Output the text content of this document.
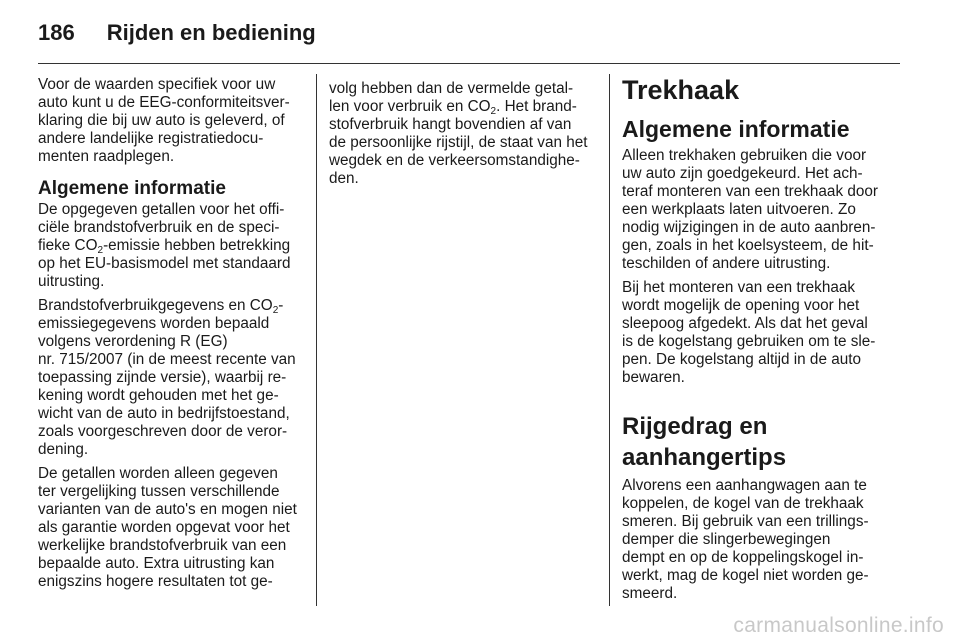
186 Rijden en bediening

Voor de waarden specifiek voor uw
auto kunt u de EEG-conformiteitsver-
klaring die bij uw auto is geleverd, of
andere landelijke registratiedocu-
menten raadplegen.

Algemene informatie

De opgegeven getallen voor het offi-
ciële brandstofverbruik en de speci-
fieke $CO_2$-emissie hebben betrekking
op het EU-basismodel met standaard
uitrusting.

Brandstofverbruikgegevens en $CO_2-$
emissiegegevens worden bepaald
volgens verordening R (EG)
nr. 715/2007 (in de meest recente van
toepassing zijnde versie), waarbij re-
kening wordt gehouden met het ge-
wicht van de auto in bedrijfstoestand,
zoals voorgeschreven door de veror-
dening.

De getallen worden alleen gegeven
ter vergelijking tussen verschillende
varianten van de auto's en mogen niet
als garantie worden opgevat voor het
werkelijke brandstofverbruik van een
bepaalde auto. Extra uitrusting kan
enigszins hogere resultaten tot ge-

volg hebben dan de vermelde getal-
len voor verbruik en $CO_2$. Het brand-
stofverbruik hangt bovendien af van
de persoonlijke rijstijl, de staat van het
wegdek en de verkeersomstandighe-
den.

Trekhaak
Algemene informatie

Alleen trekhaken gebruiken die voor
uw auto zijn goedgekeurd. Het ach-
teraf monteren van een trekhaak door
een werkplaats laten uitvoeren. Zo
nodig wijzigingen in de auto aanbren-
gen, zoals in het koelsysteem, de hit-
teschilden of andere uitrusting.

Bij het monteren van een trekhaak
wordt mogelijk de opening voor het
sleepoog afgedekt. Als dat het geval
is de kogelstang gebruiken om te sle-
pen. De kogelstang altijd in de auto
bewaren.

Rijgedrag en
aanhangertips

Alvorens een aanhangwagen aan te
koppelen, de kogel van de trekhaak
smeren. Bij gebruik van een trillings-
demper die slingerbewegingen
dempt en op de koppelingskogel in-
werkt, mag de kogel niet worden ge-
smeerd.

carmanualsonline.info
